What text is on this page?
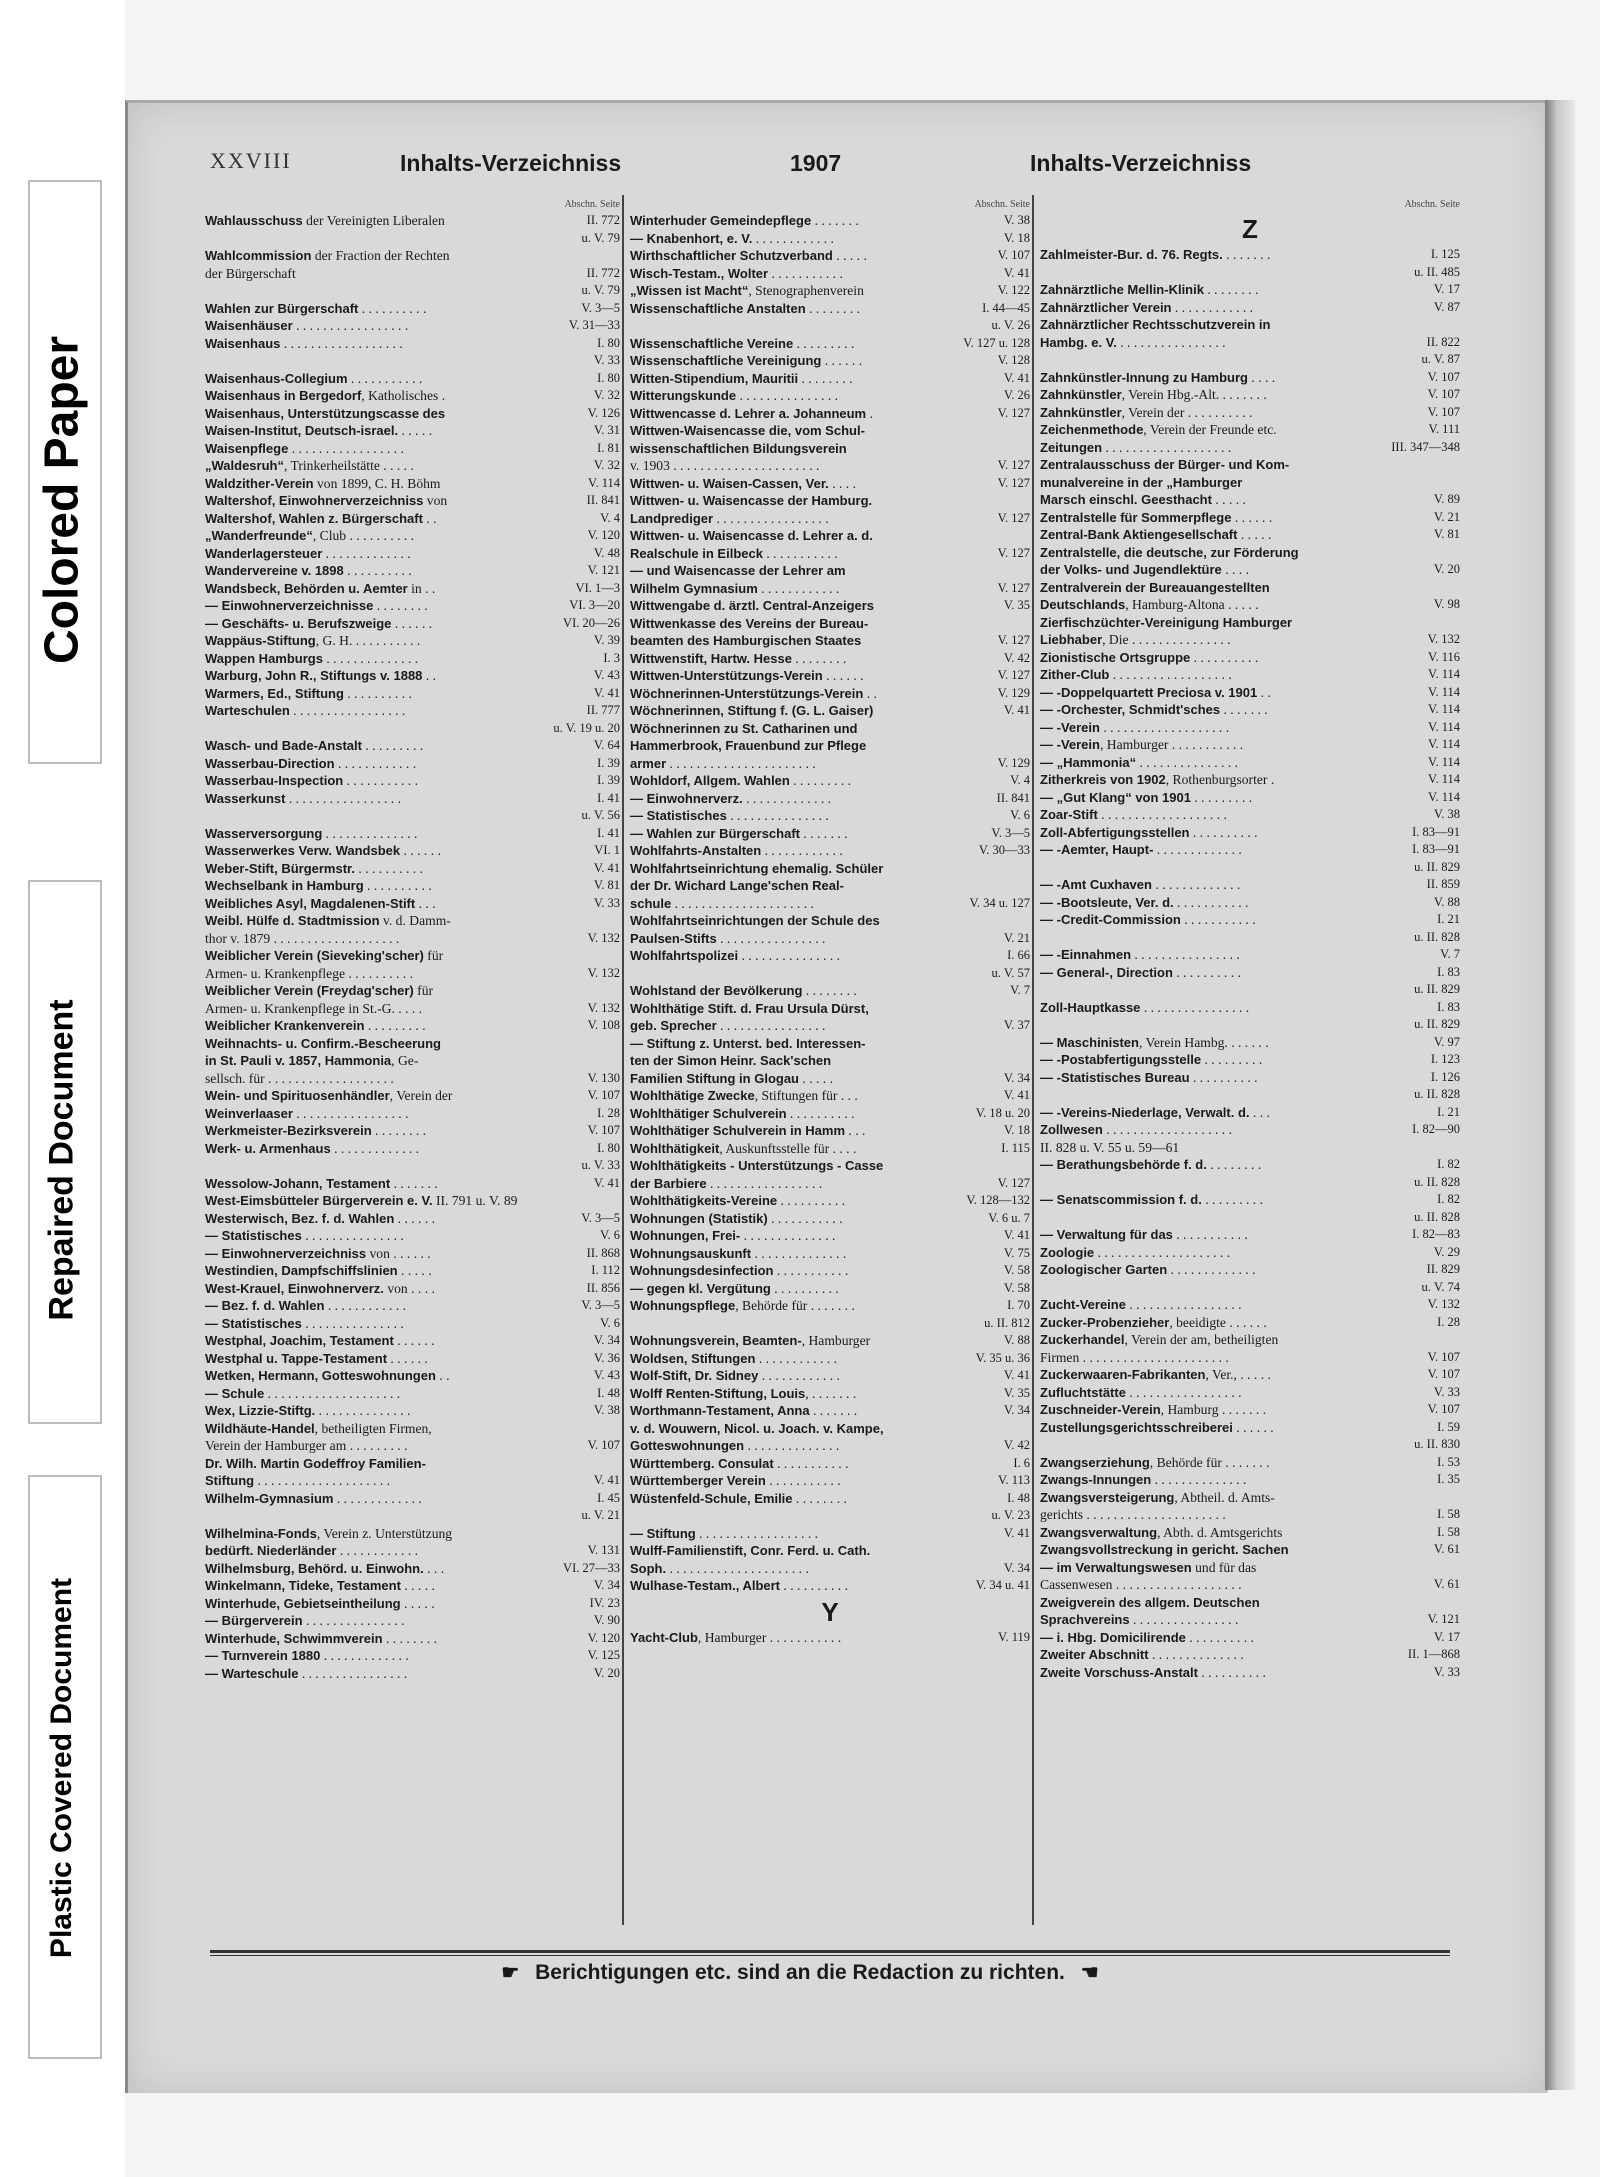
Colored Paper
Repaired Document
Plastic Covered Document
XXVIII	Inhalts-Verzeichniss	1907	Inhalts-Verzeichniss
Abschn. Seite
Wahlausschuss der Vereinigten Liberalen	II. 772
u. V. 79
Wahlcommission der Fraction der Rechten
der Bürgerschaft	II. 772
u. V. 79
Wahlen zur Bürgerschaft . . . . . . . . . .	V. 3—5
Waisenhäuser . . . . . . . . . . . . . . . . .	V. 31—33
Waisenhaus . . . . . . . . . . . . . . . . . .	I. 80
V. 33
Waisenhaus-Collegium . . . . . . . . . . .	I. 80
Waisenhaus in Bergedorf, Katholisches .	V. 32
Waisenhaus, Unterstützungscasse des	V. 126
Waisen-Institut, Deutsch-israel. . . . . .	V. 31
Waisenpflege . . . . . . . . . . . . . . . . .	I. 81
„Waldesruh“, Trinkerheilstätte . . . . .	V. 32
Waldzither-Verein von 1899, C. H. Böhm	V. 114
Waltershof, Einwohnerverzeichniss von	II. 841
Waltershof, Wahlen z. Bürgerschaft . .	V. 4
„Wanderfreunde“, Club . . . . . . . . . .	V. 120
Wanderlagersteuer . . . . . . . . . . . . .	V. 48
Wandervereine v. 1898 . . . . . . . . . .	V. 121
Wandsbeck, Behörden u. Aemter in . .	VI. 1—3
— Einwohnerverzeichnisse . . . . . . . .	VI. 3—20
— Geschäfts- u. Berufszweige . . . . . .	VI. 20—26
Wappäus-Stiftung, G. H. . . . . . . . . . .	V. 39
Wappen Hamburgs . . . . . . . . . . . . . .	I. 3
Warburg, John R., Stiftungs v. 1888 . .	V. 43
Warmers, Ed., Stiftung . . . . . . . . . .	V. 41
Warteschulen . . . . . . . . . . . . . . . . .	II. 777
u. V. 19 u. 20
Wasch- und Bade-Anstalt . . . . . . . . .	V. 64
Wasserbau-Direction . . . . . . . . . . . .	I. 39
Wasserbau-Inspection . . . . . . . . . . .	I. 39
Wasserkunst . . . . . . . . . . . . . . . . .	I. 41
u. V. 56
Wasserversorgung . . . . . . . . . . . . . .	I. 41
Wasserwerkes Verw. Wandsbek . . . . . .	VI. 1
Weber-Stift, Bürgermstr. . . . . . . . . . .	V. 41
Wechselbank in Hamburg . . . . . . . . . .	V. 81
Weibliches Asyl, Magdalenen-Stift . . .	V. 33
Weibl. Hülfe d. Stadtmission v. d. Damm-
thor v. 1879 . . . . . . . . . . . . . . . . . . .	V. 132
Weiblicher Verein (Sieveking'scher) für
Armen- u. Krankenpflege . . . . . . . . . .	V. 132
Weiblicher Verein (Freydag'scher) für
Armen- u. Krankenpflege in St.-G. . . . .	V. 132
Weiblicher Krankenverein . . . . . . . . .	V. 108
Weihnachts- u. Confirm.-Bescheerung
in St. Pauli v. 1857, Hammonia, Ge-
sellsch. für . . . . . . . . . . . . . . . . . . .	V. 130
Wein- und Spirituosenhändler, Verein der	V. 107
Weinverlaaser . . . . . . . . . . . . . . . . .	I. 28
Werkmeister-Bezirksverein . . . . . . . .	V. 107
Werk- u. Armenhaus . . . . . . . . . . . . .	I. 80
u. V. 33
Wessolow-Johann, Testament . . . . . . .	V. 41
West-Eimsbütteler Bürgerverein e. V. II. 791 u. V. 89
Westerwisch, Bez. f. d. Wahlen . . . . . .	V. 3—5
— Statistisches . . . . . . . . . . . . . . .	V. 6
— Einwohnerverzeichniss von . . . . . .	II. 868
Westindien, Dampfschiffslinien . . . . .	I. 112
West-Krauel, Einwohnerverz. von . . . .	II. 856
— Bez. f. d. Wahlen . . . . . . . . . . . .	V. 3—5
— Statistisches . . . . . . . . . . . . . . .	V. 6
Westphal, Joachim, Testament . . . . . .	V. 34
Westphal u. Tappe-Testament . . . . . .	V. 36
Wetken, Hermann, Gotteswohnungen . .	V. 43
— Schule . . . . . . . . . . . . . . . . . . . .	I. 48
Wex, Lizzie-Stiftg. . . . . . . . . . . . . . .	V. 38
Wildhäute-Handel, betheiligten Firmen,
Verein der Hamburger am . . . . . . . . .	V. 107
Dr. Wilh. Martin Godeffroy Familien-
Stiftung . . . . . . . . . . . . . . . . . . . .	V. 41
Wilhelm-Gymnasium . . . . . . . . . . . . .	I. 45
u. V. 21
Wilhelmina-Fonds, Verein z. Unterstützung
bedürft. Niederländer . . . . . . . . . . . .	V. 131
Wilhelmsburg, Behörd. u. Einwohn. . . .	VI. 27—33
Winkelmann, Tideke, Testament . . . . .	V. 34
Winterhude, Gebietseintheilung . . . . .	IV. 23
— Bürgerverein . . . . . . . . . . . . . . .	V. 90
Winterhude, Schwimmverein . . . . . . . .	V. 120
— Turnverein 1880 . . . . . . . . . . . . .	V. 125
— Warteschule . . . . . . . . . . . . . . . .	V. 20
Abschn. Seite
Winterhuder Gemeindepflege . . . . . . .	V. 38
— Knabenhort, e. V. . . . . . . . . . . . .	V. 18
Wirthschaftlicher Schutzverband . . . . .	V. 107
Wisch-Testam., Wolter . . . . . . . . . . .	V. 41
„Wissen ist Macht“, Stenographenverein	V. 122
Wissenschaftliche Anstalten . . . . . . . .	I. 44—45
u. V. 26
Wissenschaftliche Vereine . . . . . . . . .	V. 127 u. 128
Wissenschaftliche Vereinigung . . . . . .	V. 128
Witten-Stipendium, Mauritii . . . . . . . .	V. 41
Witterungskunde . . . . . . . . . . . . . . .	V. 26
Wittwencasse d. Lehrer a. Johanneum .	V. 127
Wittwen-Waisencasse die, vom Schul-
wissenschaftlichen Bildungsverein
v. 1903 . . . . . . . . . . . . . . . . . . . . . .	V. 127
Wittwen- u. Waisen-Cassen, Ver. . . . .	V. 127
Wittwen- u. Waisencasse der Hamburg.
Landprediger . . . . . . . . . . . . . . . . .	V. 127
Wittwen- u. Waisencasse d. Lehrer a. d.
Realschule in Eilbeck . . . . . . . . . . .	V. 127
— und Waisencasse der Lehrer am
Wilhelm Gymnasium . . . . . . . . . . . .	V. 127
Wittwengabe d. ärztl. Central-Anzeigers	V. 35
Wittwenkasse des Vereins der Bureau-
beamten des Hamburgischen Staates	V. 127
Wittwenstift, Hartw. Hesse . . . . . . . .	V. 42
Wittwen-Unterstützungs-Verein . . . . . .	V. 127
Wöchnerinnen-Unterstützungs-Verein . .	V. 129
Wöchnerinnen, Stiftung f. (G. L. Gaiser)	V. 41
Wöchnerinnen zu St. Catharinen und
Hammerbrook, Frauenbund zur Pflege
armer . . . . . . . . . . . . . . . . . . . . . .	V. 129
Wohldorf, Allgem. Wahlen . . . . . . . . .	V. 4
— Einwohnerverz. . . . . . . . . . . . . .	II. 841
— Statistisches . . . . . . . . . . . . . . .	V. 6
— Wahlen zur Bürgerschaft . . . . . . .	V. 3—5
Wohlfahrts-Anstalten . . . . . . . . . . . .	V. 30—33
Wohlfahrtseinrichtung ehemalig. Schüler
der Dr. Wichard Lange'schen Real-
schule . . . . . . . . . . . . . . . . . . . . .	V. 34 u. 127
Wohlfahrtseinrichtungen der Schule des
Paulsen-Stifts . . . . . . . . . . . . . . . .	V. 21
Wohlfahrtspolizei . . . . . . . . . . . . . . .	I. 66
u. V. 57
Wohlstand der Bevölkerung . . . . . . . .	V. 7
Wohlthätige Stift. d. Frau Ursula Dürst,
geb. Sprecher . . . . . . . . . . . . . . . .	V. 37
— Stiftung z. Unterst. bed. Interessen-
ten der Simon Heinr. Sack'schen
Familien Stiftung in Glogau . . . . .	V. 34
Wohlthätige Zwecke, Stiftungen für . . .	V. 41
Wohlthätiger Schulverein . . . . . . . . . .	V. 18 u. 20
Wohlthätiger Schulverein in Hamm . . .	V. 18
Wohlthätigkeit, Auskunftsstelle für . . . .	I. 115
Wohlthätigkeits - Unterstützungs - Casse
der Barbiere . . . . . . . . . . . . . . . . .	V. 127
Wohlthätigkeits-Vereine . . . . . . . . . .	V. 128—132
Wohnungen (Statistik) . . . . . . . . . . .	V. 6 u. 7
Wohnungen, Frei- . . . . . . . . . . . . . .	V. 41
Wohnungsauskunft . . . . . . . . . . . . . .	V. 75
Wohnungsdesinfection . . . . . . . . . . .	V. 58
— gegen kl. Vergütung . . . . . . . . . .	V. 58
Wohnungspflege, Behörde für . . . . . . .	I. 70
u. II. 812
Wohnungsverein, Beamten-, Hamburger	V. 88
Woldsen, Stiftungen . . . . . . . . . . . .	V. 35 u. 36
Wolf-Stift, Dr. Sidney . . . . . . . . . . . .	V. 41
Wolff Renten-Stiftung, Louis, . . . . . . .	V. 35
Worthmann-Testament, Anna . . . . . . .	V. 34
v. d. Wouwern, Nicol. u. Joach. v. Kampe,
Gotteswohnungen . . . . . . . . . . . . . .	V. 42
Württemberg. Consulat . . . . . . . . . . .	I. 6
Württemberger Verein . . . . . . . . . . .	V. 113
Wüstenfeld-Schule, Emilie . . . . . . . .	I. 48
u. V. 23
— Stiftung . . . . . . . . . . . . . . . . . .	V. 41
Wulff-Familienstift, Conr. Ferd. u. Cath.
Soph. . . . . . . . . . . . . . . . . . . . . .	V. 34
Wulhase-Testam., Albert . . . . . . . . . .	V. 34 u. 41
Y
Yacht-Club, Hamburger . . . . . . . . . . .	V. 119
Abschn. Seite
Z
Zahlmeister-Bur. d. 76. Regts. . . . . . . .	I. 125
u. II. 485
Zahnärztliche Mellin-Klinik . . . . . . . .	V. 17
Zahnärztlicher Verein . . . . . . . . . . . .	V. 87
Zahnärztlicher Rechtsschutzverein in
Hambg. e. V. . . . . . . . . . . . . . . . .	II. 822
u. V. 87
Zahnkünstler-Innung zu Hamburg . . . .	V. 107
Zahnkünstler, Verein Hbg.-Alt. . . . . . . .	V. 107
Zahnkünstler, Verein der . . . . . . . . . .	V. 107
Zeichenmethode, Verein der Freunde etc.	V. 111
Zeitungen . . . . . . . . . . . . . . . . . . .	III. 347—348
Zentralausschuss der Bürger- und Kom-
munalvereine in der „Hamburger
Marsch einschl. Geesthacht . . . . .	V. 89
Zentralstelle für Sommerpflege . . . . . .	V. 21
Zentral-Bank Aktiengesellschaft . . . . .	V. 81
Zentralstelle, die deutsche, zur Förderung
der Volks- und Jugendlektüre . . . .	V. 20
Zentralverein der Bureauangestellten
Deutschlands, Hamburg-Altona . . . . .	V. 98
Zierfischzüchter-Vereinigung Hamburger
Liebhaber, Die . . . . . . . . . . . . . . .	V. 132
Zionistische Ortsgruppe . . . . . . . . . .	V. 116
Zither-Club . . . . . . . . . . . . . . . . . .	V. 114
— -Doppelquartett Preciosa v. 1901 . .	V. 114
— -Orchester, Schmidt'sches . . . . . . .	V. 114
— -Verein . . . . . . . . . . . . . . . . . . .	V. 114
— -Verein, Hamburger . . . . . . . . . . .	V. 114
— „Hammonia“ . . . . . . . . . . . . . . .	V. 114
Zitherkreis von 1902, Rothenburgsorter .	V. 114
— „Gut Klang“ von 1901 . . . . . . . . .	V. 114
Zoar-Stift . . . . . . . . . . . . . . . . . . .	V. 38
Zoll-Abfertigungsstellen . . . . . . . . . .	I. 83—91
— -Aemter, Haupt- . . . . . . . . . . . . .	I. 83—91
u. II. 829
— -Amt Cuxhaven . . . . . . . . . . . . .	II. 859
— -Bootsleute, Ver. d. . . . . . . . . . . .	V. 88
— -Credit-Commission . . . . . . . . . . .	I. 21
u. II. 828
— -Einnahmen . . . . . . . . . . . . . . . .	V. 7
— General-, Direction . . . . . . . . . .	I. 83
u. II. 829
Zoll-Hauptkasse . . . . . . . . . . . . . . . .	I. 83
u. II. 829
— Maschinisten, Verein Hambg. . . . . . .	V. 97
— -Postabfertigungsstelle . . . . . . . . .	I. 123
— -Statistisches Bureau . . . . . . . . . .	I. 126
u. II. 828
— -Vereins-Niederlage, Verwalt. d. . . .	I. 21
Zollwesen . . . . . . . . . . . . . . . . . . .	I. 82—90
II. 828 u. V. 55 u. 59—61
— Berathungsbehörde f. d. . . . . . . . .	I. 82
u. II. 828
— Senatscommission f. d. . . . . . . . . .	I. 82
u. II. 828
— Verwaltung für das . . . . . . . . . . .	I. 82—83
Zoologie . . . . . . . . . . . . . . . . . . . .	V. 29
Zoologischer Garten . . . . . . . . . . . . .	II. 829
u. V. 74
Zucht-Vereine . . . . . . . . . . . . . . . . .	V. 132
Zucker-Probenzieher, beeidigte . . . . . .	I. 28
Zuckerhandel, Verein der am, betheiligten
Firmen . . . . . . . . . . . . . . . . . . . . . .	V. 107
Zuckerwaaren-Fabrikanten, Ver., . . . . .	V. 107
Zufluchtstätte . . . . . . . . . . . . . . . . .	V. 33
Zuschneider-Verein, Hamburg . . . . . . .	V. 107
Zustellungsgerichtsschreiberei . . . . . .	I. 59
u. II. 830
Zwangserziehung, Behörde für . . . . . . .	I. 53
Zwangs-Innungen . . . . . . . . . . . . . .	I. 35
Zwangsversteigerung, Abtheil. d. Amts-
gerichts . . . . . . . . . . . . . . . . . . . . .	I. 58
Zwangsverwaltung, Abth. d. Amtsgerichts	I. 58
Zwangsvollstreckung in gericht. Sachen	V. 61
— im Verwaltungswesen und für das
Cassenwesen . . . . . . . . . . . . . . . . . . .	V. 61
Zweigverein des allgem. Deutschen
Sprachvereins . . . . . . . . . . . . . . . .	V. 121
— i. Hbg. Domicilirende . . . . . . . . . .	V. 17
Zweiter Abschnitt . . . . . . . . . . . . . .	II. 1—868
Zweite Vorschuss-Anstalt . . . . . . . . . .	V. 33
☛ Berichtigungen etc. sind an die Redaction zu richten. ☚
